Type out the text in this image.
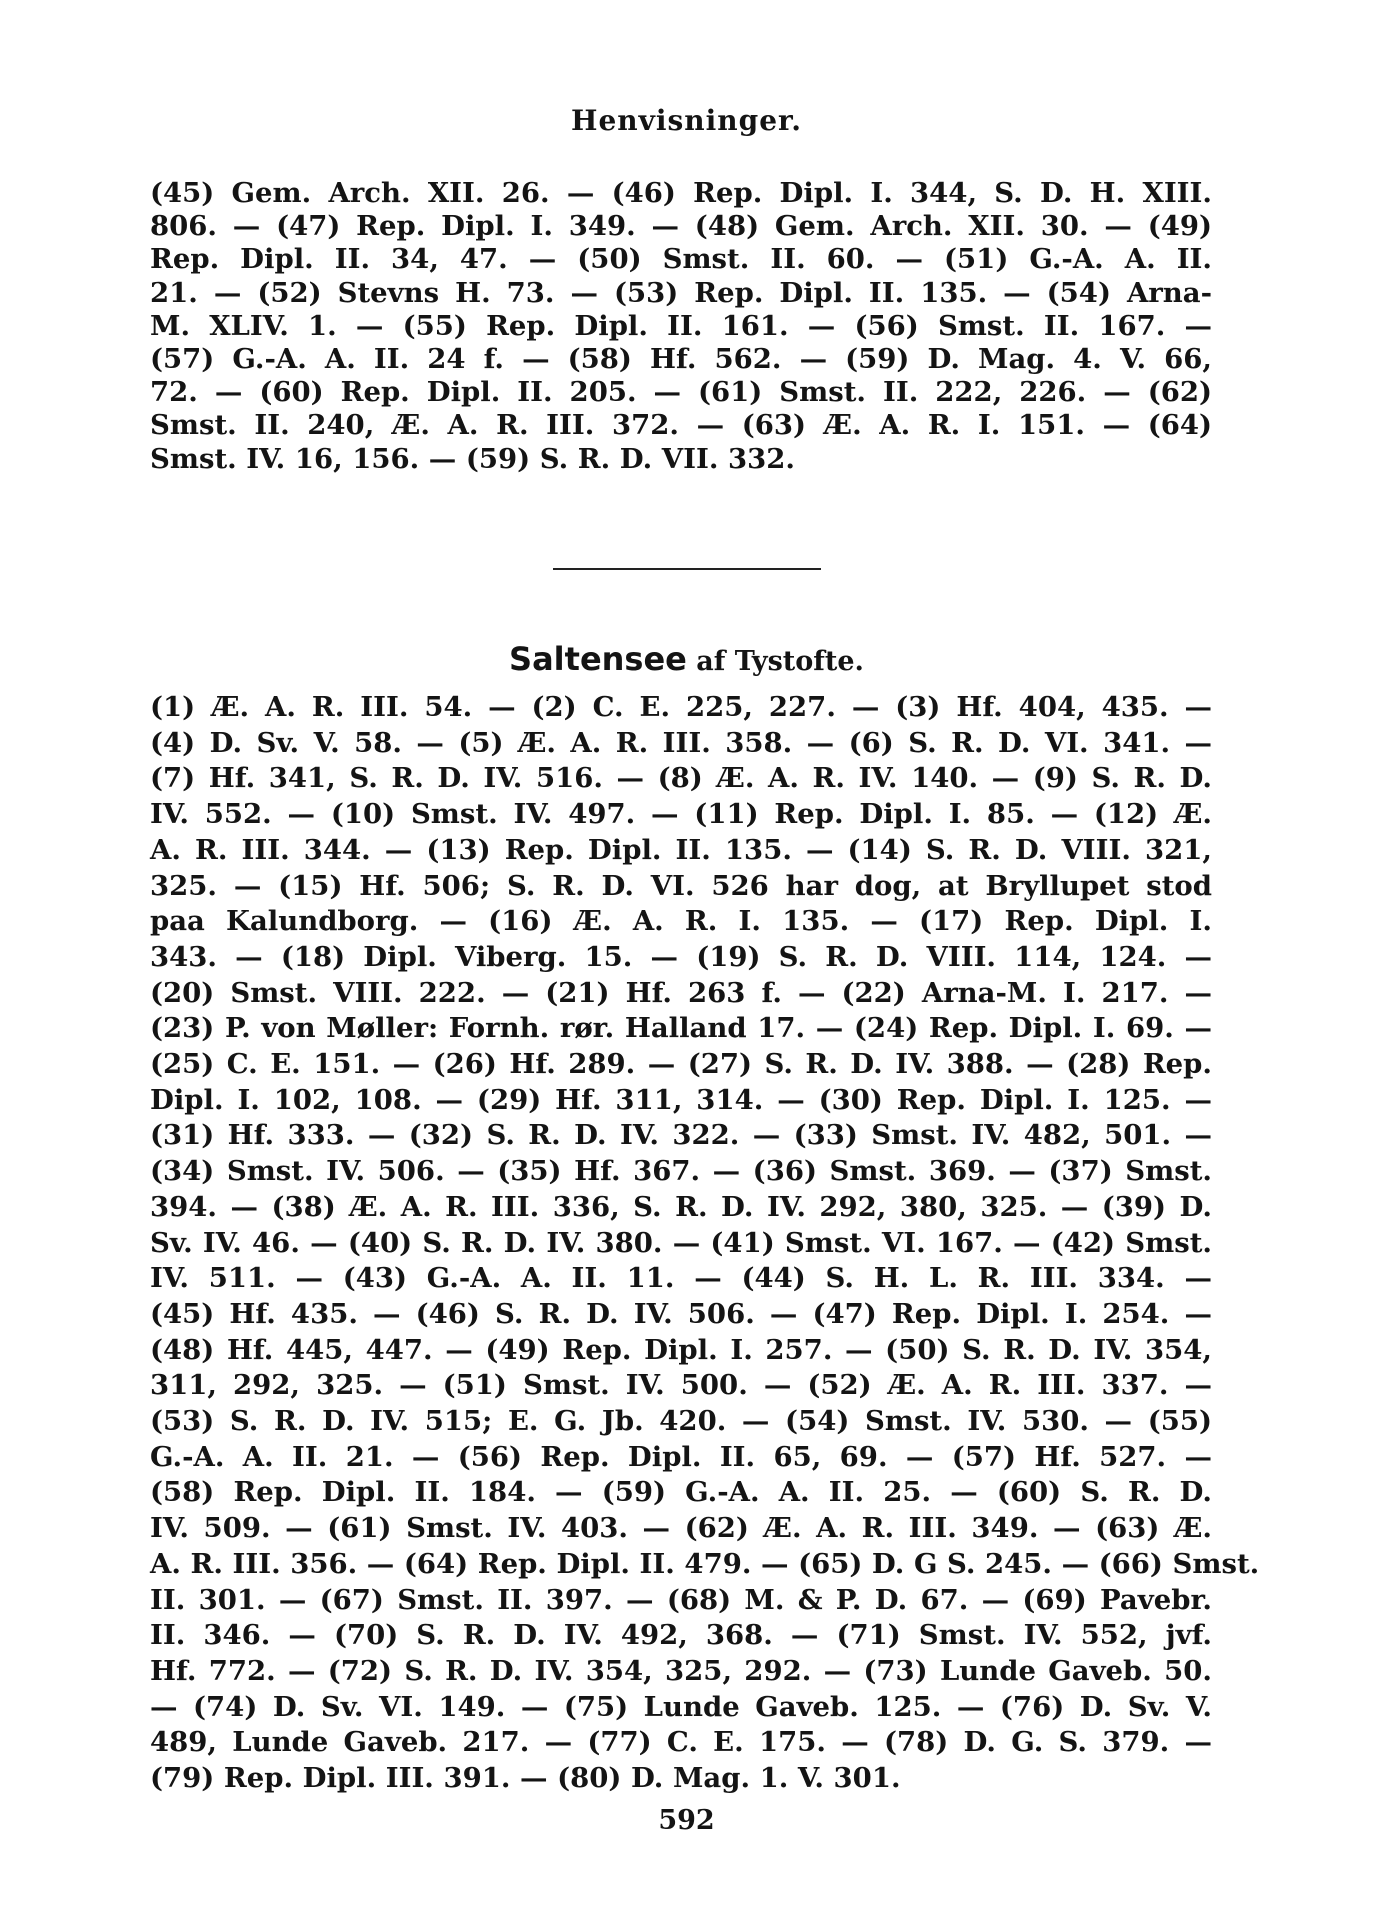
Henvisninger.
(45) Gem. Arch. XII. 26. — (46) Rep. Dipl. I. 344, S. D. H. XIII.
806. — (47) Rep. Dipl. I. 349. — (48) Gem. Arch. XII. 30. — (49)
Rep. Dipl. II. 34, 47. — (50) Smst. II. 60. — (51) G.-A. A. II.
21. — (52) Stevns H. 73. — (53) Rep. Dipl. II. 135. — (54) Arna-
M. XLIV. 1. — (55) Rep. Dipl. II. 161. — (56) Smst. II. 167. —
(57) G.-A. A. II. 24 f. — (58) Hf. 562. — (59) D. Mag. 4. V. 66,
72. — (60) Rep. Dipl. II. 205. — (61) Smst. II. 222, 226. — (62)
Smst. II. 240, Æ. A. R. III. 372. — (63) Æ. A. R. I. 151. — (64)
Smst. IV. 16, 156. — (59) S. R. D. VII. 332.
Saltensee af Tystofte.
(1) Æ. A. R. III. 54. — (2) C. E. 225, 227. — (3) Hf. 404, 435. —
(4) D. Sv. V. 58. — (5) Æ. A. R. III. 358. — (6) S. R. D. VI. 341. —
(7) Hf. 341, S. R. D. IV. 516. — (8) Æ. A. R. IV. 140. — (9) S. R. D.
IV. 552. — (10) Smst. IV. 497. — (11) Rep. Dipl. I. 85. — (12) Æ.
A. R. III. 344. — (13) Rep. Dipl. II. 135. — (14) S. R. D. VIII. 321,
325. — (15) Hf. 506; S. R. D. VI. 526 har dog, at Bryllupet stod
paa Kalundborg. — (16) Æ. A. R. I. 135. — (17) Rep. Dipl. I.
343. — (18) Dipl. Viberg. 15. — (19) S. R. D. VIII. 114, 124. —
(20) Smst. VIII. 222. — (21) Hf. 263 f. — (22) Arna-M. I. 217. —
(23) P. von Møller: Fornh. rør. Halland 17. — (24) Rep. Dipl. I. 69. —
(25) C. E. 151. — (26) Hf. 289. — (27) S. R. D. IV. 388. — (28) Rep.
Dipl. I. 102, 108. — (29) Hf. 311, 314. — (30) Rep. Dipl. I. 125. —
(31) Hf. 333. — (32) S. R. D. IV. 322. — (33) Smst. IV. 482, 501. —
(34) Smst. IV. 506. — (35) Hf. 367. — (36) Smst. 369. — (37) Smst.
394. — (38) Æ. A. R. III. 336, S. R. D. IV. 292, 380, 325. — (39) D.
Sv. IV. 46. — (40) S. R. D. IV. 380. — (41) Smst. VI. 167. — (42) Smst.
IV. 511. — (43) G.-A. A. II. 11. — (44) S. H. L. R. III. 334. —
(45) Hf. 435. — (46) S. R. D. IV. 506. — (47) Rep. Dipl. I. 254. —
(48) Hf. 445, 447. — (49) Rep. Dipl. I. 257. — (50) S. R. D. IV. 354,
311, 292, 325. — (51) Smst. IV. 500. — (52) Æ. A. R. III. 337. —
(53) S. R. D. IV. 515; E. G. Jb. 420. — (54) Smst. IV. 530. — (55)
G.-A. A. II. 21. — (56) Rep. Dipl. II. 65, 69. — (57) Hf. 527. —
(58) Rep. Dipl. II. 184. — (59) G.-A. A. II. 25. — (60) S. R. D.
IV. 509. — (61) Smst. IV. 403. — (62) Æ. A. R. III. 349. — (63) Æ.
A. R. III. 356. — (64) Rep. Dipl. II. 479. — (65) D. G S. 245. — (66) Smst.
II. 301. — (67) Smst. II. 397. — (68) M. & P. D. 67. — (69) Pavebr.
II. 346. — (70) S. R. D. IV. 492, 368. — (71) Smst. IV. 552, jvf.
Hf. 772. — (72) S. R. D. IV. 354, 325, 292. — (73) Lunde Gaveb. 50.
— (74) D. Sv. VI. 149. — (75) Lunde Gaveb. 125. — (76) D. Sv. V.
489, Lunde Gaveb. 217. — (77) C. E. 175. — (78) D. G. S. 379. —
(79) Rep. Dipl. III. 391. — (80) D. Mag. 1. V. 301.
592
